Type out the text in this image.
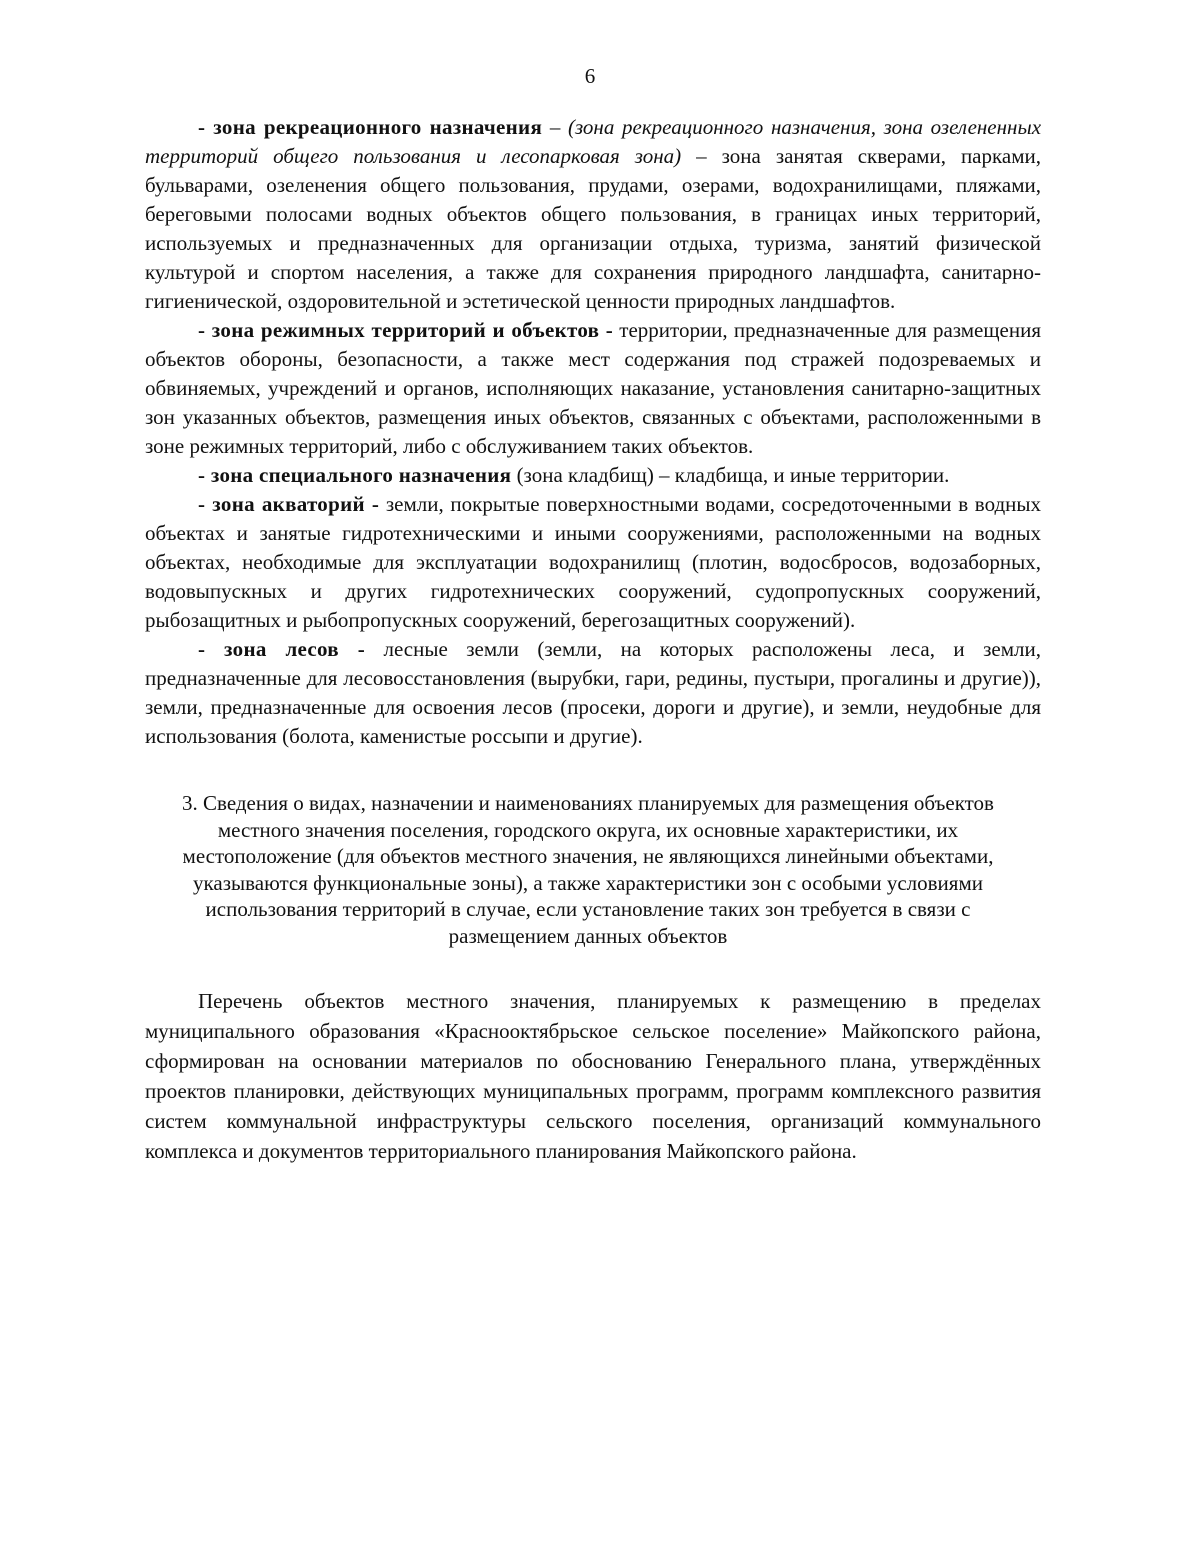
6

- зона рекреационного назначения – (зона рекреационного назначения, зона озелененных территорий общего пользования и лесопарковая зона) – зона занятая скверами, парками, бульварами, озеленения общего пользования, прудами, озерами, водохранилищами, пляжами, береговыми полосами водных объектов общего пользования, в границах иных территорий, используемых и предназначенных для организации отдыха, туризма, занятий физической культурой и спортом населения, а также для сохранения природного ландшафта, санитарно-гигиенической, оздоровительной и эстетической ценности природных ландшафтов.

- зона режимных территорий и объектов - территории, предназначенные для размещения объектов обороны, безопасности, а также мест содержания под стражей подозреваемых и обвиняемых, учреждений и органов, исполняющих наказание, установления санитарно-защитных зон указанных объектов, размещения иных объектов, связанных с объектами, расположенными в зоне режимных территорий, либо с обслуживанием таких объектов.

- зона специального назначения (зона кладбищ) – кладбища, и иные территории.

- зона акваторий - земли, покрытые поверхностными водами, сосредоточенными в водных объектах и занятые гидротехническими и иными сооружениями, расположенными на водных объектах, необходимые для эксплуатации водохранилищ (плотин, водосбросов, водозаборных, водовыпускных и других гидротехнических сооружений, судопропускных сооружений, рыбозащитных и рыбопропускных сооружений, берегозащитных сооружений).

- зона лесов - лесные земли (земли, на которых расположены леса, и земли, предназначенные для лесовосстановления (вырубки, гари, редины, пустыри, прогалины и другие)), земли, предназначенные для освоения лесов (просеки, дороги и другие), и земли, неудобные для использования (болота, каменистые россыпи и другие).

3. Сведения о видах, назначении и наименованиях планируемых для размещения объектов местного значения поселения, городского округа, их основные характеристики, их местоположение (для объектов местного значения, не являющихся линейными объектами, указываются функциональные зоны), а также характеристики зон с особыми условиями использования территорий в случае, если установление таких зон требуется в связи с размещением данных объектов

Перечень объектов местного значения, планируемых к размещению в пределах муниципального образования «Краснооктябрьское сельское поселение» Майкопского района, сформирован на основании материалов по обоснованию Генерального плана, утверждённых проектов планировки, действующих муниципальных программ, программ комплексного развития систем коммунальной инфраструктуры сельского поселения, организаций коммунального комплекса и документов территориального планирования Майкопского района.
